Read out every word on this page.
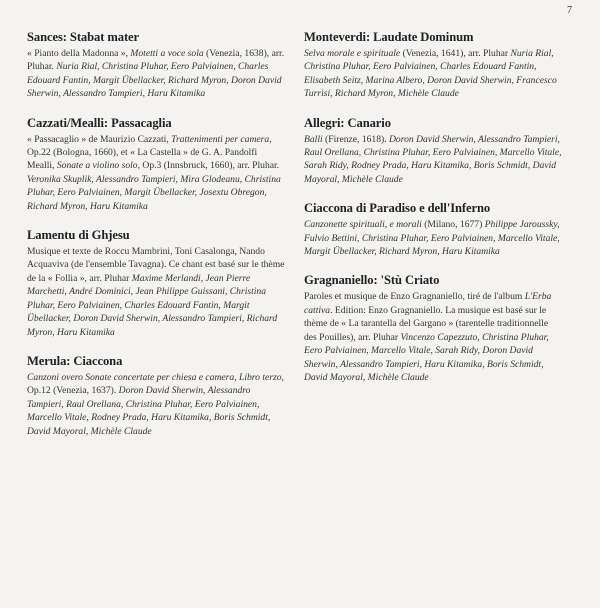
7
Sances: Stabat mater

« Pianto della Madonna », Motetti a voce sola (Venezia, 1638), arr. Pluhar. Nuria Rial, Christina Pluhar, Eero Palviainen, Charles Edouard Fantin, Margit Übellacker, Richard Myron, Doron David Sherwin, Alessandro Tampieri, Haru Kitamika

Cazzati/Mealli: Passacaglia

« Passacaglio » de Maurizio Cazzati, Trattenimenti per camera, Op.22 (Bologna, 1660), et « La Castella » de G. A. Pandolfi Mealli, Sonate a violino solo, Op.3 (Innsbruck, 1660), arr. Pluhar. Veronika Skuplik, Alessandro Tampieri, Mira Glodeanu, Christina Pluhar, Eero Palviainen, Margit Übellacker, Josextu Obregon, Richard Myron, Haru Kitamika

Lamentu di Ghjesu

Musique et texte de Roccu Mambrini, Toni Casalonga, Nando Acquaviva (de l'ensemble Tavagna). Ce chant est basé sur le thème de la « Follia », arr. Pluhar Maxime Merlandi, Jean Pierre Marchetti, André Dominici, Jean Philippe Guissani, Christina Pluhar, Eero Palviainen, Charles Edouard Fantin, Margit Übellacker, Doron David Sherwin, Alessandro Tampieri, Richard Myron, Haru Kitamika

Merula: Ciaccona

Canzoni overo Sonate concertate per chiesa e camera, Libro terzo, Op.12 (Venezia, 1637). Doron David Sherwin, Alessandro Tampieri, Raul Orellana, Christina Pluhar, Eero Palviainen, Marcello Vitale, Rodney Prada, Haru Kitamika, Boris Schmidt, David Mayoral, Michèle Claude

Monteverdi: Laudate Dominum

Selva morale e spirituale (Venezia, 1641), arr. Pluhar Nuria Rial, Christina Pluhar, Eero Palviainen, Charles Edouard Fantin, Elisabeth Seitz, Marina Albero, Doron David Sherwin, Francesco Turrisi, Richard Myron, Michèle Claude

Allegri: Canario

Balli (Firenze, 1618). Doron David Sherwin, Alessandro Tampieri, Raul Orellana, Christina Pluhar, Eero Palviainen, Marcello Vitale, Sarah Ridy, Rodney Prada, Haru Kitamika, Boris Schmidt, David Mayoral, Michèle Claude

Ciaccona di Paradiso e dell'Inferno

Canzonette spirituali, e morali (Milano, 1677) Philippe Jaroussky, Fulvio Bettini, Christina Pluhar, Eero Palviainen, Marcello Vitale, Margit Übellacker, Richard Myron, Haru Kitamika

Gragnaniello: 'Stù Criato

Paroles et musique de Enzo Gragnaniello, tiré de l'album L'Erba cattiva. Edition: Enzo Gragnaniello. La musique est basé sur le thème de « La tarantella del Gargano » (tarentelle traditionnelle des Pouilles), arr. Pluhar Vincenzo Capezzuto, Christina Pluhar, Eero Palviainen, Marcello Vitale, Sarah Ridy, Doron David Sherwin, Alessandro Tampieri, Haru Kitamika, Boris Schmidt, David Mayoral, Michèle Claude
